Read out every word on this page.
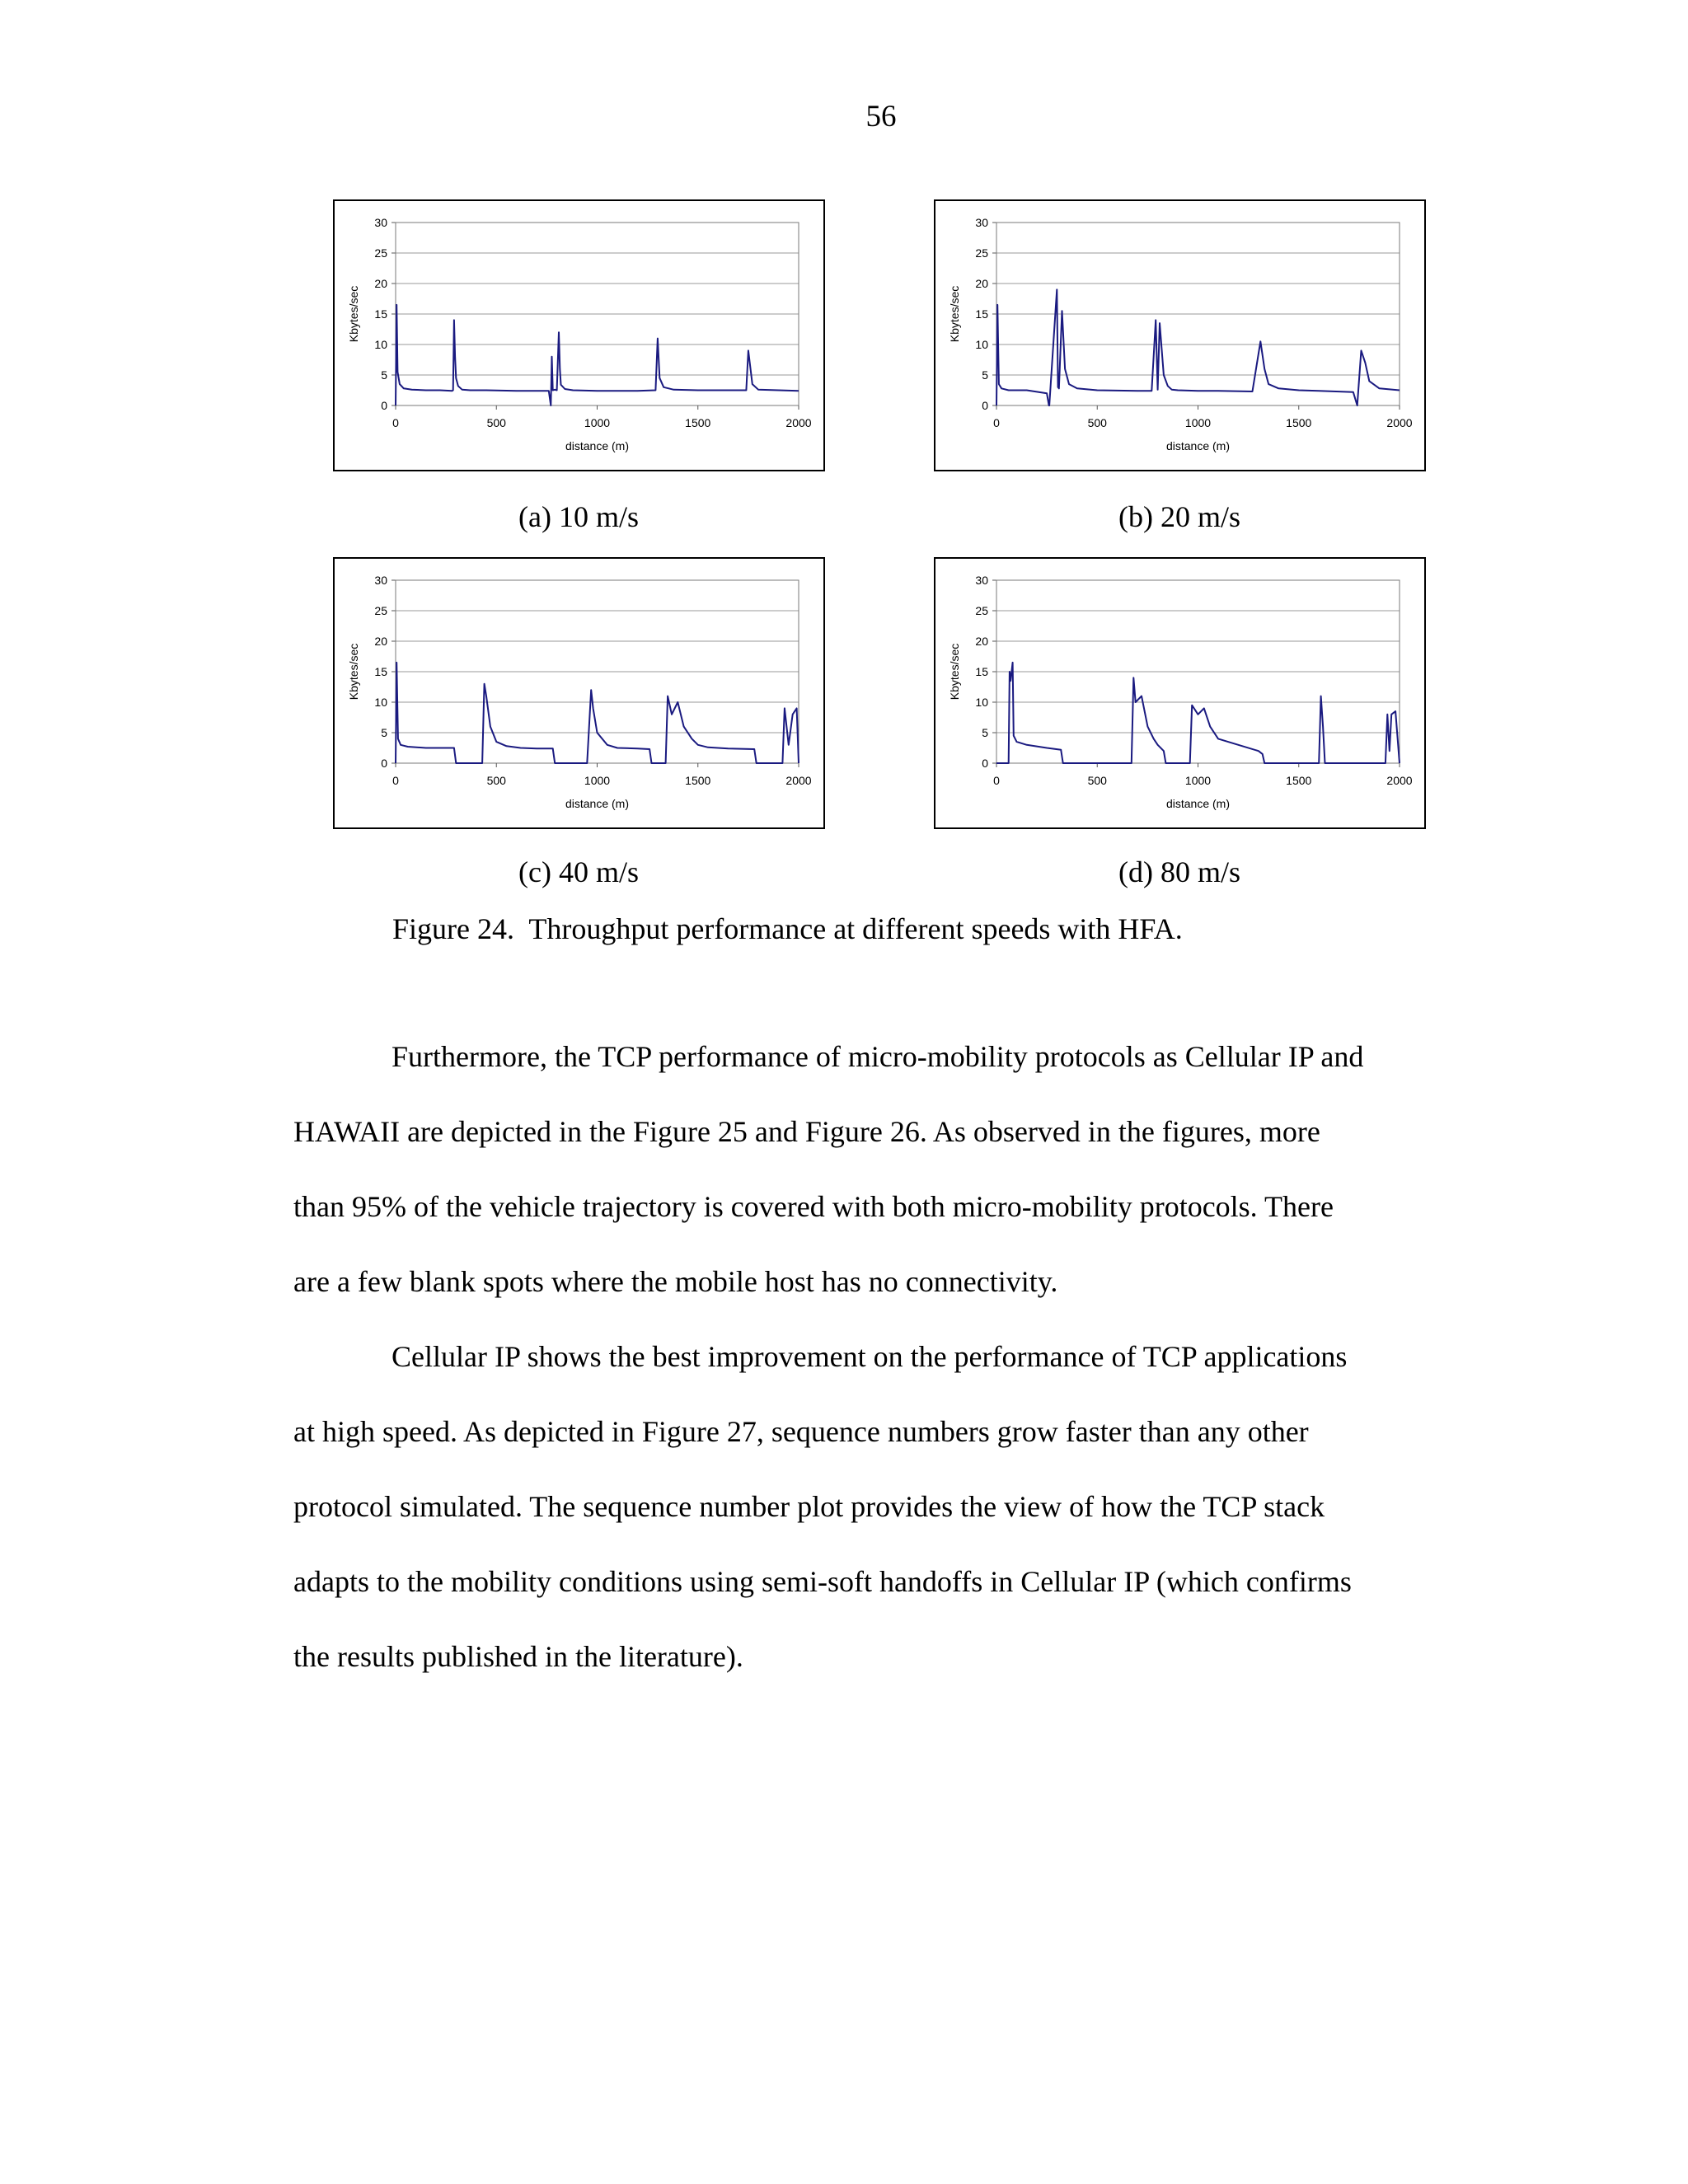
56
0
5
10
15
20
25
30
0	500	1000	1500	2000
distance (m)
Kbytes/sec
0
5
10
15
20
25
30
0	500	1000	1500	2000
distance (m)
Kbytes/sec
(a) 10 m/s	(b) 20 m/s
0
5
10
15
20
25
30
0	500	1000	1500	2000
distance (m)
Kbytes/sec
0
5
10
15
20
25
30
0	500	1000	1500	2000
distance (m)
Kbytes/sec
(c) 40 m/s	(d) 80 m/s
Figure 24.  Throughput performance at different speeds with HFA.

Furthermore, the TCP performance of micro-mobility protocols as Cellular IP and
HAWAII are depicted in the Figure 25 and Figure 26. As observed in the figures, more
than 95% of the vehicle trajectory is covered with both micro-mobility protocols. There
are a few blank spots where the mobile host has no connectivity.

Cellular IP shows the best improvement on the performance of TCP applications
at high speed. As depicted in Figure 27, sequence numbers grow faster than any other
protocol simulated. The sequence number plot provides the view of how the TCP stack
adapts to the mobility conditions using semi-soft handoffs in Cellular IP (which confirms
the results published in the literature).
